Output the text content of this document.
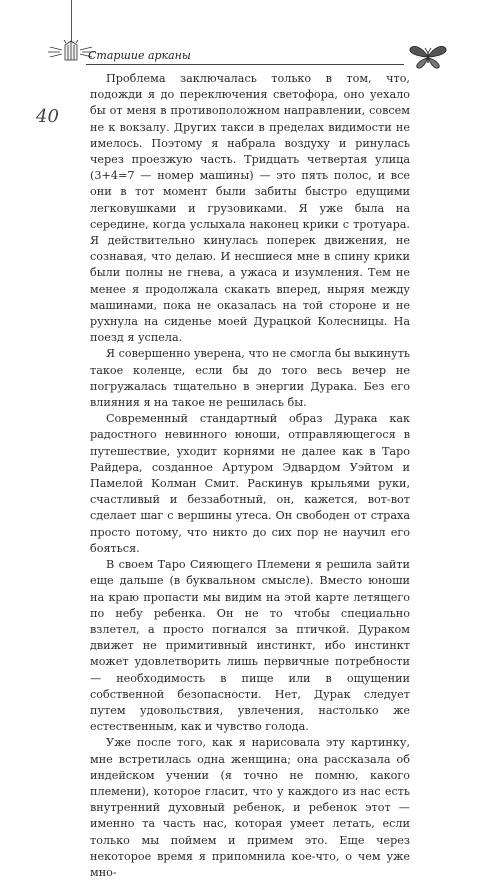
Старшие арканы
40

Проблема заключалась только в том, что, подожди я до переключения светофора, оно уехало бы от меня в противоположном направлении, совсем не к вокзалу. Других такси в пределах видимости не имелось. Поэтому я набрала воздуху и ринулась через проезжую часть. Тридцать четвертая улица (3+4=7 — номер машины) — это пять полос, и все они в тот момент были забиты быстро едущими легковушками и грузовиками. Я уже была на середине, когда услыхала наконец крики с тротуара. Я действительно кинулась поперек движения, не сознавая, что делаю. И несшиеся мне в спину крики были полны не гнева, а ужаса и изумления. Тем не менее я продолжала скакать вперед, ныряя между машинами, пока не оказалась на той стороне и не рухнула на сиденье моей Дурацкой Колесницы. На поезд я успела.

Я совершенно уверена, что не смогла бы выкинуть такое коленце, если бы до того весь вечер не погружалась тщательно в энергии Дурака. Без его влияния я на такое не решилась бы.

Современный стандартный образ Дурака как радостного невинного юноши, отправляющегося в путешествие, уходит корнями не далее как в Таро Райдера, созданное Артуром Эдвардом Уэйтом и Памелой Колман Смит. Раскинув крыльями руки, счастливый и беззаботный, он, кажется, вот-вот сделает шаг с вершины утеса. Он свободен от страха просто потому, что никто до сих пор не научил его бояться.

В своем Таро Сияющего Племени я решила зайти еще дальше (в буквальном смысле). Вместо юноши на краю пропасти мы видим на этой карте летящего по небу ребенка. Он не то чтобы специально взлетел, а просто погнался за птичкой. Дураком движет не примитивный инстинкт, ибо инстинкт может удовлетворить лишь первичные потребности — необходимость в пище или в ощущении собственной безопасности. Нет, Дурак следует путем удовольствия, увлечения, настолько же естественным, как и чувство голода.

Уже после того, как я нарисовала эту картинку, мне встретилась одна женщина; она рассказала об индейском учении (я точно не помню, какого племени), которое гласит, что у каждого из нас есть внутренний духовный ребенок, и ребенок этот — именно та часть нас, которая умеет летать, если только мы поймем и примем это. Еще через некоторое время я припомнила кое-что, о чем уже мно-
